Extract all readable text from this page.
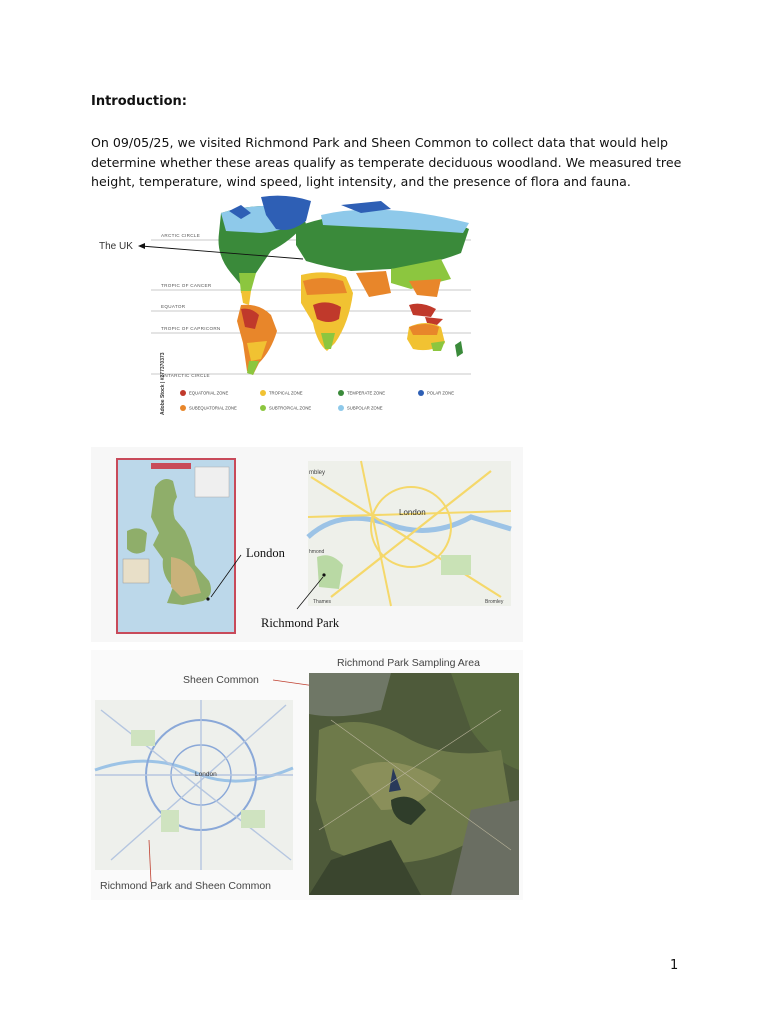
Introduction:
On 09/05/25, we visited Richmond Park and Sheen Common to collect data that would help determine whether these areas qualify as temperate deciduous woodland. We measured tree height, temperature, wind speed, light intensity, and the presence of flora and fauna.
ARCTIC CIRCLE
TROPIC OF CANCER
EQUATOR
TROPIC OF CAPRICORN
ANTARCTIC CIRCLE
The UK
Adobe Stock | #277370373	EQUATORIAL ZONE	TROPICAL ZONE	TEMPERATE ZONE	POLAR ZONE
SUBEQUATORIAL ZONE	SUBTROPICAL ZONE	SUBPOLAR ZONE
London
London
mbley
hmond
Thames	Bromley
Richmond Park
Richmond Park Sampling Area
Sheen Common
London
Richmond Park and Sheen Common
1
